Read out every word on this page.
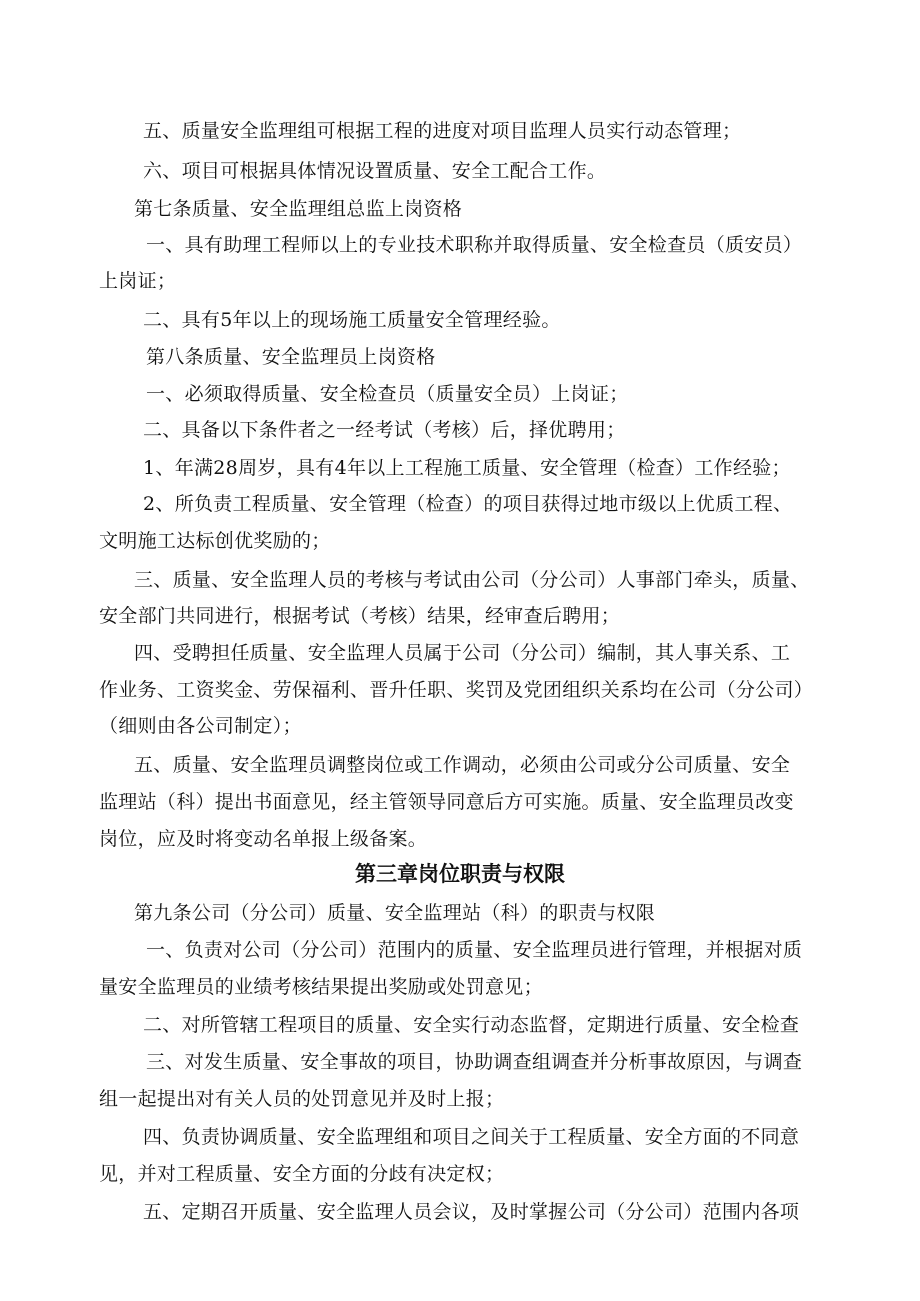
五、质量安全监理组可根据工程的进度对项目监理人员实行动态管理；
六、项目可根据具体情况设置质量、安全工配合工作。
第七条质量、安全监理组总监上岗资格
一、具有助理工程师以上的专业技术职称并取得质量、安全检查员（质安员）
上岗证；
二、具有5年以上的现场施工质量安全管理经验。
第八条质量、安全监理员上岗资格
一、必须取得质量、安全检查员（质量安全员）上岗证；
二、具备以下条件者之一经考试（考核）后，择优聘用；
1、年满28周岁，具有4年以上工程施工质量、安全管理（检查）工作经验；
2、所负责工程质量、安全管理（检查）的项目获得过地市级以上优质工程、
文明施工达标创优奖励的；
三、质量、安全监理人员的考核与考试由公司（分公司）人事部门牵头，质量、
安全部门共同进行，根据考试（考核）结果，经审查后聘用；
四、受聘担任质量、安全监理人员属于公司（分公司）编制，其人事关系、工
作业务、工资奖金、劳保福利、晋升任职、奖罚及党团组织关系均在公司（分公司）
（细则由各公司制定）；
五、质量、安全监理员调整岗位或工作调动，必须由公司或分公司质量、安全
监理站（科）提出书面意见，经主管领导同意后方可实施。质量、安全监理员改变
岗位，应及时将变动名单报上级备案。
第三章岗位职责与权限
第九条公司（分公司）质量、安全监理站（科）的职责与权限
一、负责对公司（分公司）范围内的质量、安全监理员进行管理，并根据对质
量安全监理员的业绩考核结果提出奖励或处罚意见；
二、对所管辖工程项目的质量、安全实行动态监督，定期进行质量、安全检查
三、对发生质量、安全事故的项目，协助调查组调查并分析事故原因，与调查
组一起提出对有关人员的处罚意见并及时上报；
四、负责协调质量、安全监理组和项目之间关于工程质量、安全方面的不同意
见，并对工程质量、安全方面的分歧有决定权；
五、定期召开质量、安全监理人员会议，及时掌握公司（分公司）范围内各项
